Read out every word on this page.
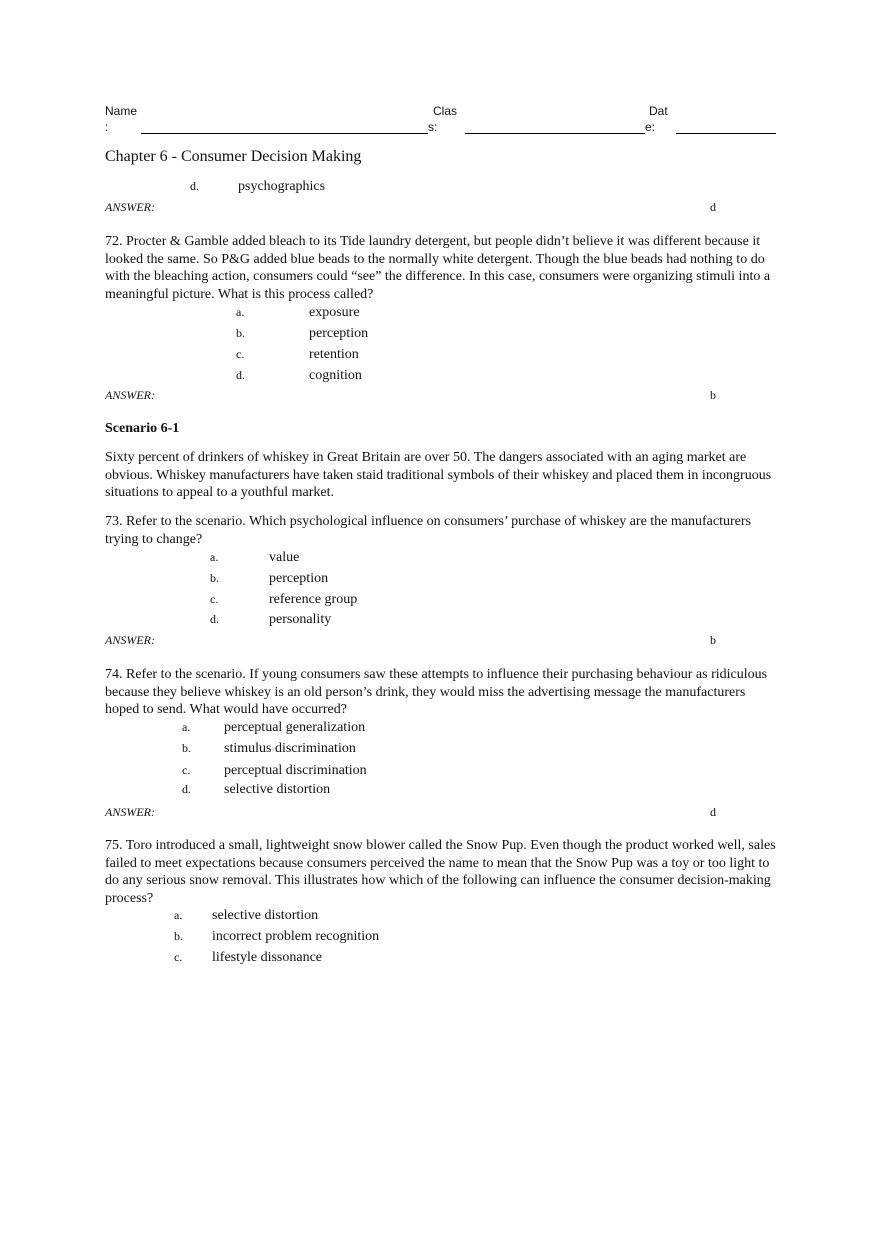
Name
:
Clas
s:
Dat
e:
Chapter 6 - Consumer Decision Making
d.	psychographics
ANSWER:	d
72. Procter & Gamble added bleach to its Tide laundry detergent, but people didn’t believe it was different because it looked the same. So P&G added blue beads to the normally white detergent. Though the blue beads had nothing to do with the bleaching action, consumers could “see” the difference. In this case, consumers were organizing stimuli into a meaningful picture. What is this process called?
a.	exposure
b.	perception
c.	retention
d.	cognition
ANSWER:	b
Scenario 6-1
Sixty percent of drinkers of whiskey in Great Britain are over 50. The dangers associated with an aging market are obvious. Whiskey manufacturers have taken staid traditional symbols of their whiskey and placed them in incongruous situations to appeal to a youthful market.
73. Refer to the scenario. Which psychological influence on consumers’ purchase of whiskey are the manufacturers trying to change?
a.	value
b.	perception
c.	reference group
d.	personality
ANSWER:	b
74. Refer to the scenario. If young consumers saw these attempts to influence their purchasing behaviour as ridiculous because they believe whiskey is an old person’s drink, they would miss the advertising message the manufacturers hoped to send. What would have occurred?
a. perceptual generalization
b. stimulus discrimination
c. perceptual discrimination
d. selective distortion
ANSWER:	d
75. Toro introduced a small, lightweight snow blower called the Snow Pup. Even though the product worked well, sales failed to meet expectations because consumers perceived the name to mean that the Snow Pup was a toy or too light to do any serious snow removal. This illustrates how which of the following can influence the consumer decision-making process?
a. selective distortion
b. incorrect problem recognition
c. lifestyle dissonance
